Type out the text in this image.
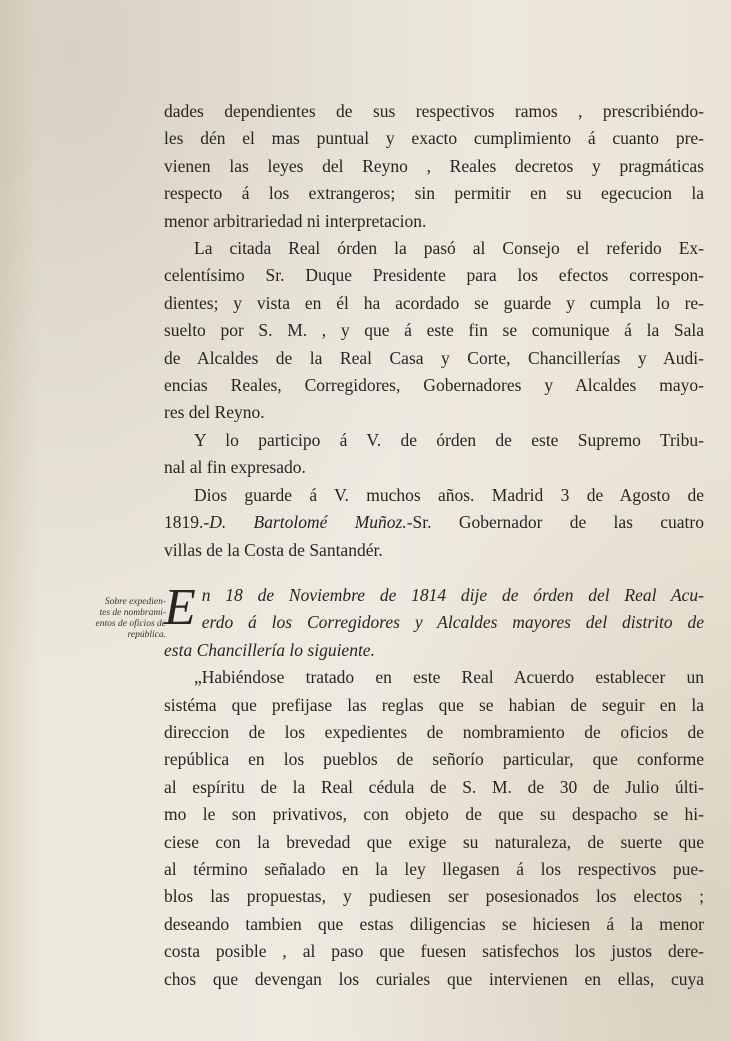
dades dependientes de sus respectivos ramos , prescribiéndo-
les dén el mas puntual y exacto cumplimiento á cuanto pre-
vienen las leyes del Reyno , Reales decretos y pragmáticas
respecto á los extrangeros; sin permitir en su egecucion la
menor arbitrariedad ni interpretacion.
La citada Real órden la pasó al Consejo el referido Ex-
celentísimo Sr. Duque Presidente para los efectos correspon-
dientes; y vista en él ha acordado se guarde y cumpla lo re-
suelto por S. M. , y que á este fin se comunique á la Sala
de Alcaldes de la Real Casa y Corte, Chancillerías y Audi-
encias Reales, Corregidores, Gobernadores y Alcaldes mayo-
res del Reyno.
Y lo participo á V. de órden de este Supremo Tribu-
nal al fin expresado.
Dios guarde á V. muchos años. Madrid 3 de Agosto de
1819.-D. Bartolomé Muñoz.-Sr. Gobernador de las cuatro
villas de la Costa de Santandér.
Sobre expedien-
tes de nombrami-
entos de oficios de
república.
E n 18 de Noviembre de 1814 dije de órden del Real Acu-
erdo á los Corregidores y Alcaldes mayores del distrito de
esta Chancillería lo siguiente.
„Habiéndose tratado en este Real Acuerdo establecer un
sistéma que prefijase las reglas que se habian de seguir en la
direccion de los expedientes de nombramiento de oficios de
república en los pueblos de señorío particular, que conforme
al espíritu de la Real cédula de S. M. de 30 de Julio últi-
mo le son privativos, con objeto de que su despacho se hi-
ciese con la brevedad que exige su naturaleza, de suerte que
al término señalado en la ley llegasen á los respectivos pue-
blos las propuestas, y pudiesen ser posesionados los electos ;
deseando tambien que estas diligencias se hiciesen á la menor
costa posible , al paso que fuesen satisfechos los justos dere-
chos que devengan los curiales que intervienen en ellas, cuya
